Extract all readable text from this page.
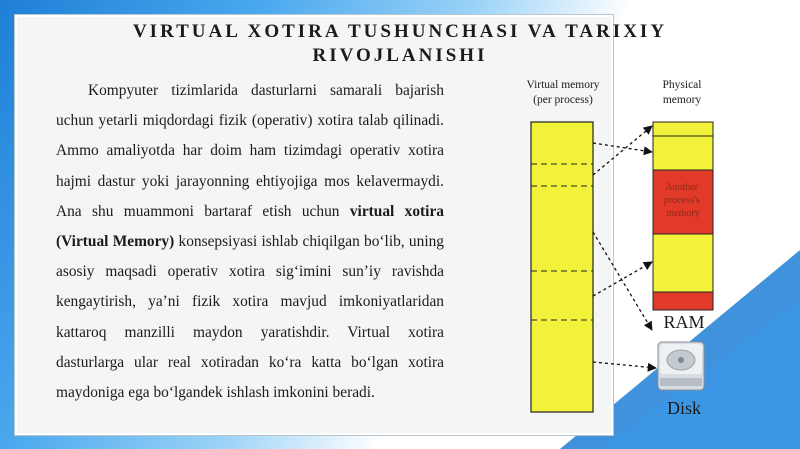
VIRTUAL XOTIRA TUSHUNCHASI VA TARIXIY RIVOJLANISHI
Kompyuter tizimlarida dasturlarni samarali bajarish uchun yetarli miqdordagi fizik (operativ) xotira talab qilinadi. Ammo amaliyotda har doim ham tizimdagi operativ xotira hajmi dastur yoki jarayonning ehtiyojiga mos kelavermaydi. Ana shu muammoni bartaraf etish uchun virtual xotira (Virtual Memory) konsepsiyasi ishlab chiqilgan bo‘lib, uning asosiy maqsadi operativ xotira sig‘imini sun’iy ravishda kengaytirish, ya’ni fizik xotira mavjud imkoniyatlaridan kattaroq manzilli maydon yaratishdir. Virtual xotira dasturlarga ular real xotiradan ko‘ra katta bo‘lgan xotira maydoniga ega bo‘lgandek ishlash imkonini beradi.
Virtual memory
(per process)
Physical
memory
Another process's memory
RAM
Disk
